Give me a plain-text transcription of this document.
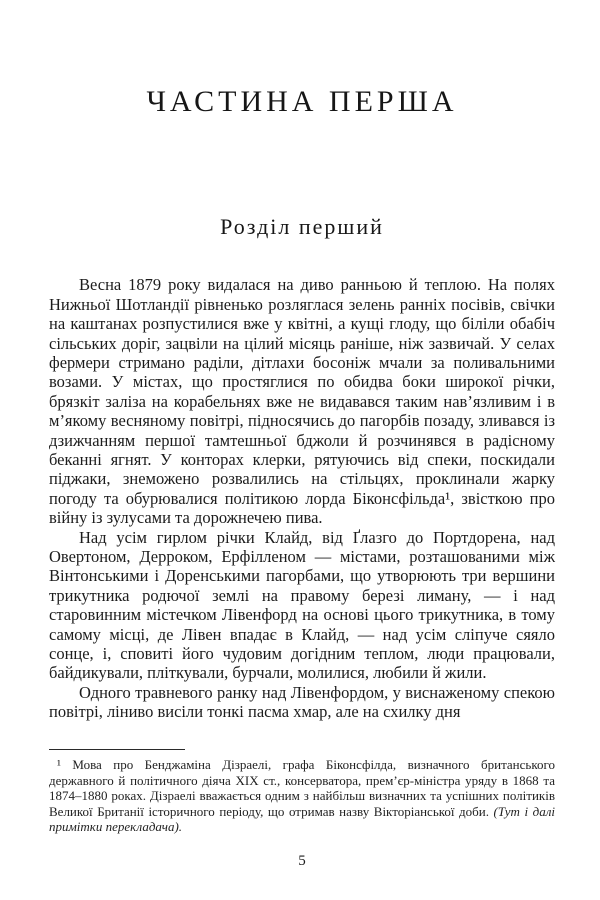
ЧАСТИНА ПЕРША
Розділ перший

Весна 1879 року видалася на диво ранньою й теплою. На полях Нижньої Шотландії рівненько розляглася зелень ранніх посівів, свічки на каштанах розпустилися вже у квітні, а кущі глоду, що біліли обабіч сільських доріг, зацвіли на цілий місяць раніше, ніж зазвичай. У селах фермери стримано раділи, дітлахи босоніж мчали за поливальними возами. У містах, що простяглися по обидва боки широкої річки, брязкіт заліза на корабельнях вже не видавався таким нав’язливим і в м’якому весняному повітрі, підносячись до пагорбів позаду, зливався із дзижчанням першої тамтешньої бджоли й розчинявся в радісному беканні ягнят. У конторах клерки, рятуючись від спеки, поскидали піджаки, знеможено розвалились на стільцях, проклинали жарку погоду та обурювалися політикою лорда Біконсфільда¹, звісткою про війну із зулусами та дорожнечею пива.

Над усім гирлом річки Клайд, від Ґлазго до Портдорена, над Овертоном, Дерроком, Ерфілленом — містами, розташованими між Вінтонськими і Доренськими пагорбами, що утворюють три вершини трикутника родючої землі на правому березі лиману, — і над старовинним містечком Лівенфорд на основі цього трикутника, в тому самому місці, де Лівен впадає в Клайд, — над усім сліпуче сяяло сонце, і, сповиті його чудовим догідним теплом, люди працювали, байдикували, пліткували, бурчали, молилися, любили й жили.

Одного травневого ранку над Лівенфордом, у виснаженому спекою повітрі, ліниво висіли тонкі пасма хмар, але на схилку дня

¹ Мова про Бенджаміна Дізраелі, графа Біконсфілда, визначного британського державного й політичного діяча XIX ст., консерватора, прем’єр-міністра уряду в 1868 та 1874–1880 роках. Дізраелі вважається одним з найбільш визначних та успішних політиків Великої Британії історичного періоду, що отримав назву Вікторіанської доби. (Тут і далі примітки перекладача).

5
